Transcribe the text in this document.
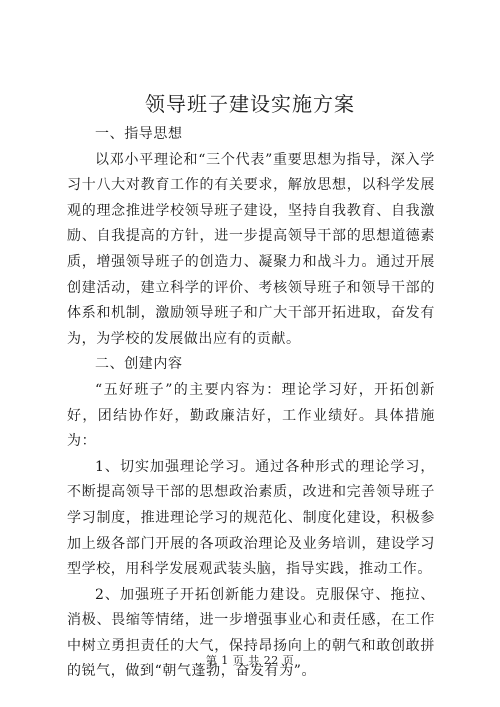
领导班子建设实施方案

一、指导思想

以邓小平理论和“三个代表”重要思想为指导，深入学习十八大对教育工作的有关要求，解放思想，以科学发展观的理念推进学校领导班子建设，坚持自我教育、自我激励、自我提高的方针，进一步提高领导干部的思想道德素质，增强领导班子的创造力、凝聚力和战斗力。通过开展创建活动，建立科学的评价、考核领导班子和领导干部的体系和机制，激励领导班子和广大干部开拓进取，奋发有为，为学校的发展做出应有的贡献。

二、创建内容

“五好班子”的主要内容为：理论学习好，开拓创新好，团结协作好，勤政廉洁好，工作业绩好。具体措施为：

1、切实加强理论学习。通过各种形式的理论学习，不断提高领导干部的思想政治素质，改进和完善领导班子学习制度，推进理论学习的规范化、制度化建设，积极参加上级各部门开展的各项政治理论及业务培训，建设学习型学校，用科学发展观武装头脑，指导实践，推动工作。

2、加强班子开拓创新能力建设。克服保守、拖拉、消极、畏缩等情绪，进一步增强事业心和责任感，在工作中树立勇担责任的大气，保持昂扬向上的朝气和敢创敢拼的锐气，做到“朝气蓬勃，奋发有为”。

第 1 页 共 22 页
